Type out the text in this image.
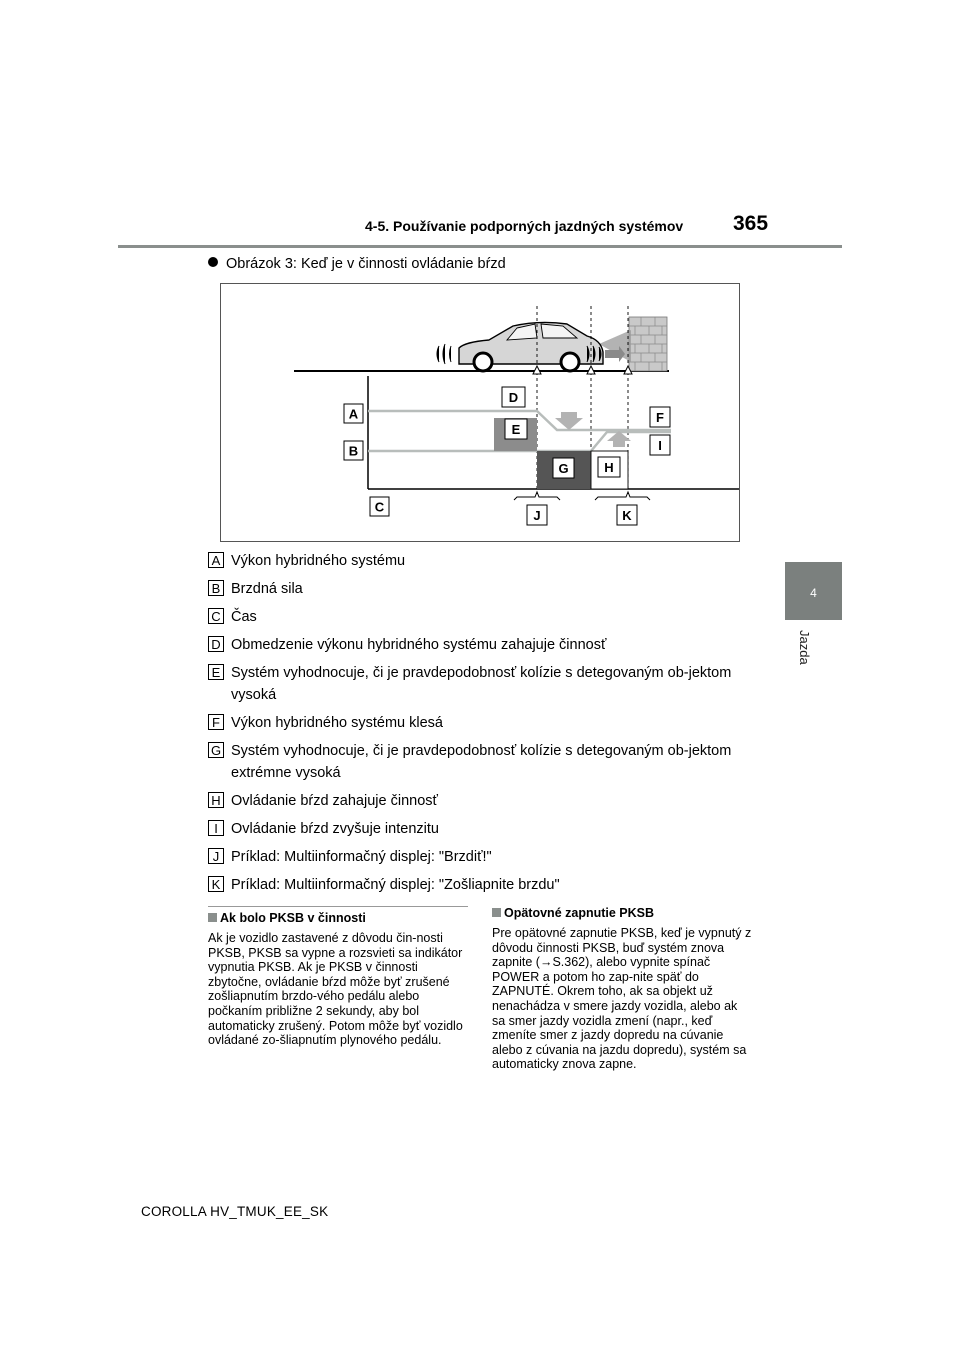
4-5. Používanie podporných jazdných systémov 365
4
Jazda
Obrázok 3: Keď je v činnosti ovládanie bŕzd
A
B
C
D
E
F
G	H
I
J	K
A Výkon hybridného systému
B Brzdná sila
C Čas
D Obmedzenie výkonu hybridného systému zahajuje činnosť
E Systém vyhodnocuje, či je pravdepodobnosť kolízie s detegovaným ob-jektom vysoká
F Výkon hybridného systému klesá
G Systém vyhodnocuje, či je pravdepodobnosť kolízie s detegovaným ob-jektom extrémne vysoká
H Ovládanie bŕzd zahajuje činnosť
I Ovládanie bŕzd zvyšuje intenzitu
J Príklad: Multiinformačný displej: "Brzdiť!"
K Príklad: Multiinformačný displej: "Zošliapnite brzdu"
Ak bolo PKSB v činnosti
Ak je vozidlo zastavené z dôvodu čin-nosti PKSB, PKSB sa vypne a rozsvieti sa indikátor vypnutia PKSB. Ak je PKSB v činnosti zbytočne, ovládanie bŕzd môže byť zrušené zošliapnutím brzdo-vého pedálu alebo počkaním približne 2 sekundy, aby bol automaticky zrušený. Potom môže byť vozidlo ovládané zo-šliapnutím plynového pedálu.
Opätovné zapnutie PKSB
Pre opätovné zapnutie PKSB, keď je vypnutý z dôvodu činnosti PKSB, buď systém znova zapnite (→S.362), alebo vypnite spínač POWER a potom ho zap-nite späť do ZAPNUTÉ. Okrem toho, ak sa objekt už nenachádza v smere jazdy vozidla, alebo ak sa smer jazdy vozidla zmení (napr., keď zmeníte smer z jazdy dopredu na cúvanie alebo z cúvania na jazdu dopredu), systém sa automaticky znova zapne.
COROLLA HV_TMUK_EE_SK
